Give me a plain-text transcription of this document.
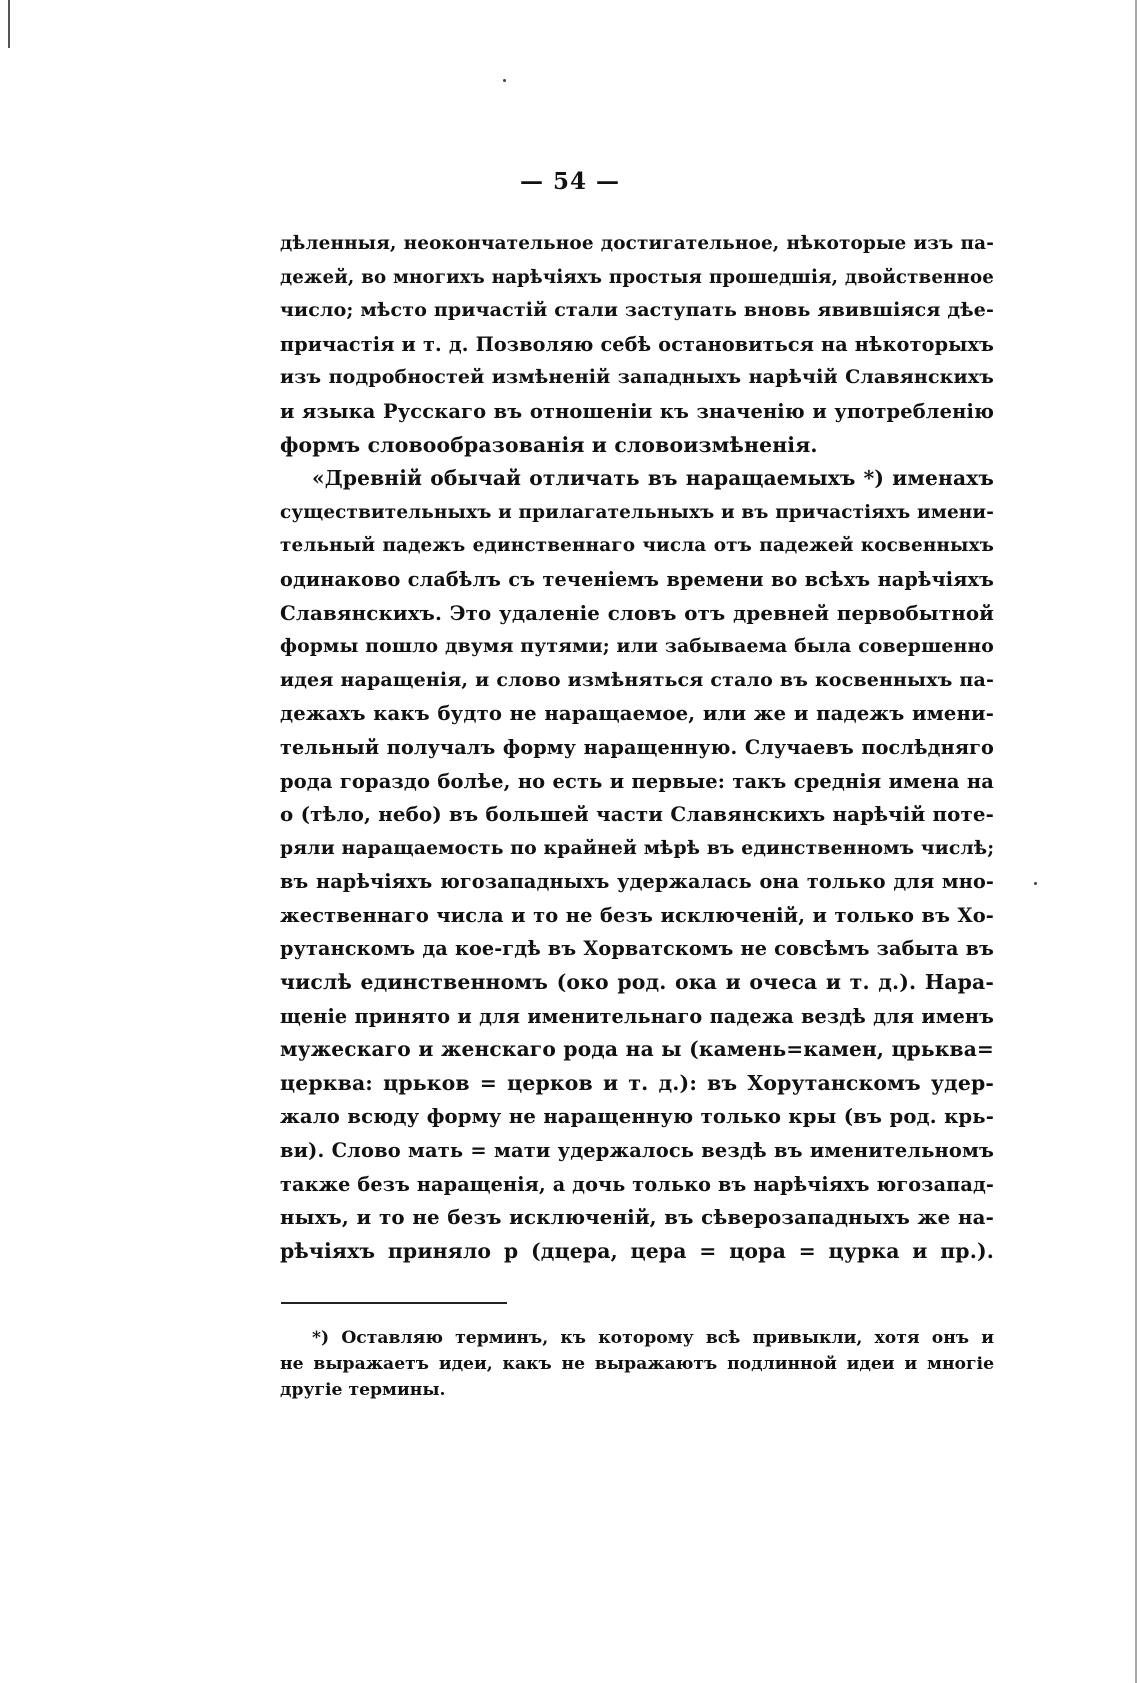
— 54 —
дѣленныя, неокончательное достигательное, нѣкоторые изъ па-
дежей, во многихъ нарѣчіяхъ простыя прошедшія, двойственное
число; мѣсто причастій стали заступать вновь явившіяся дѣе-
причастія и т. д. Позволяю себѣ остановиться на нѣкоторыхъ
изъ подробностей измѣненій западныхъ нарѣчій Славянскихъ
и языка Русскаго въ отношеніи къ значенію и употребленію
формъ словообразованія и словоизмѣненія.
«Древній обычай отличать въ наращаемыхъ *) именахъ
существительныхъ и прилагательныхъ и въ причастіяхъ имени-
тельный падежъ единственнаго числа отъ падежей косвенныхъ
одинаково слабѣлъ съ теченіемъ времени во всѣхъ нарѣчіяхъ
Славянскихъ. Это удаленіе словъ отъ древней первобытной
формы пошло двумя путями; или забываема была совершенно
идея наращенія, и слово измѣняться стало въ косвенныхъ па-
дежахъ какъ будто не наращаемое, или же и падежъ имени-
тельный получалъ форму наращенную. Случаевъ послѣдняго
рода гораздо болѣе, но есть и первые: такъ среднія имена на
о (тѣло, небо) въ большей части Славянскихъ нарѣчій поте-
ряли наращаемость по крайней мѣрѣ въ единственномъ числѣ;
въ нарѣчіяхъ югозападныхъ удержалась она только для мно-
жественнаго числа и то не безъ исключеній, и только въ Хо-
рутанскомъ да кое-гдѣ въ Хорватскомъ не совсѣмъ забыта въ
числѣ единственномъ (око род. ока и очеса и т. д.). Нара-
щеніе принято и для именительнаго падежа вездѣ для именъ
мужескаго и женскаго рода на ы (камень=камен, црьква=
церква: црьков = церков и т. д.): въ Хорутанскомъ удер-
жало всюду форму не наращенную только кры (въ род. крь-
ви). Слово мать = мати удержалось вездѣ въ именительномъ
также безъ наращенія, а дочь только въ нарѣчіяхъ югозапад-
ныхъ, и то не безъ исключеній, въ сѣверозападныхъ же на-
рѣчіяхъ приняло р (дцера, цера = цора = цурка и пр.).
*) Оставляю терминъ, къ которому всѣ привыкли, хотя онъ и
не выражаетъ идеи, какъ не выражаютъ подлинной идеи и многіе
другіе термины.
